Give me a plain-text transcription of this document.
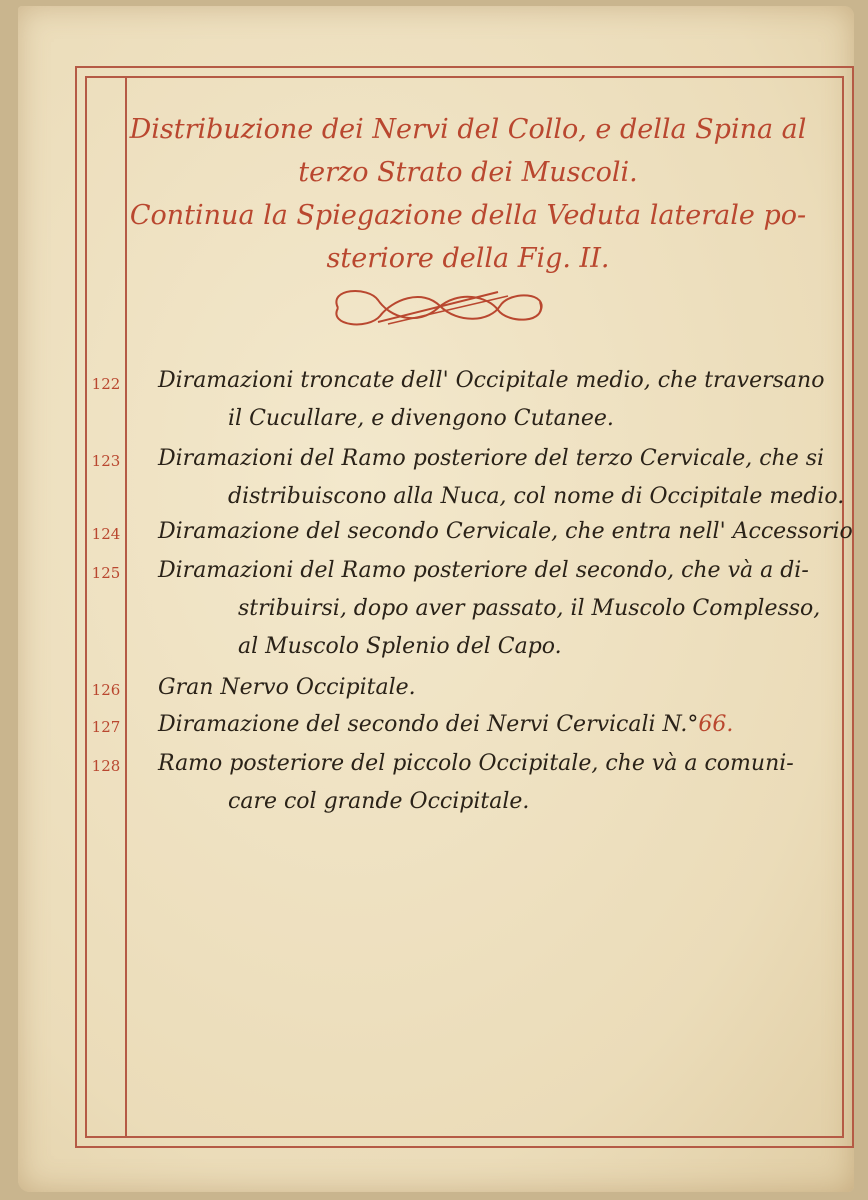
Distribuzione dei Nervi del Collo, e della Spina al
terzo Strato dei Muscoli.
Continua la Spiegazione della Veduta laterale po-
steriore della Fig. II.
122 Diramazioni troncate dell' Occipitale medio, che traversano
il Cucullare, e divengono Cutanee.
123 Diramazioni del Ramo posteriore del terzo Cervicale, che si
distribuiscono alla Nuca, col nome di Occipitale medio.
124 Diramazione del secondo Cervicale, che entra nell' Accessorio
125 Diramazioni del Ramo posteriore del secondo, che và a di-
stribuirsi, dopo aver passato, il Muscolo Complesso,
al Muscolo Splenio del Capo.
126 Gran Nervo Occipitale.
127 Diramazione del secondo dei Nervi Cervicali N.°66.
128 Ramo posteriore del piccolo Occipitale, che và a comuni-
care col grande Occipitale.
